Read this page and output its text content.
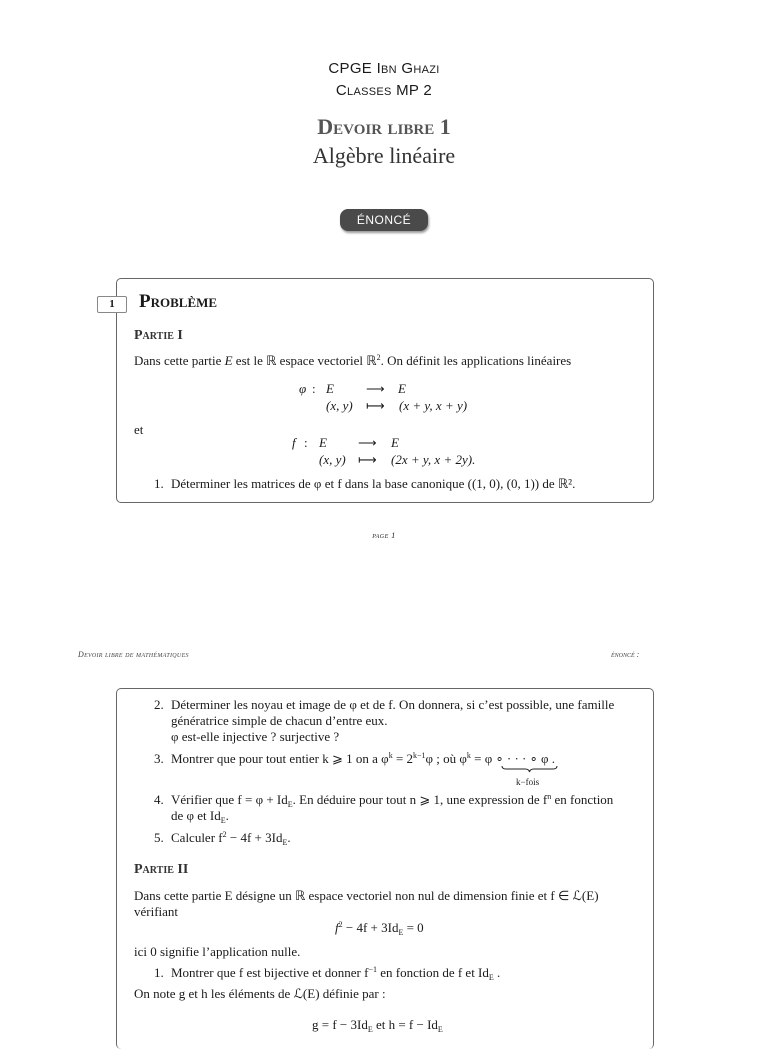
CPGE Ibn Ghazi
Classes MP 2
Devoir libre 1
Algèbre linéaire
ÉNONCÉ
1	Problème
Partie I
Dans cette partie E est le ℝ espace vectoriel ℝ$^2$. On définit les applications linéaires
φ : E ⟶ E
(x, y) ⟼ (x + y, x + y)
et
f : E ⟶ E
(x, y) ⟼ (2x + y, x + 2y).
1. Déterminer les matrices de φ et f dans la base canonique ((1, 0), (0, 1)) de ℝ².
page 1
Devoir libre de mathématiques	énoncé :
2. Déterminer les noyau et image de φ et de f. On donnera, si c’est possible, une famille
génératrice simple de chacun d’entre eux.
φ est-elle injective ? surjective ?
3. Montrer que pour tout entier k ⩾ 1 on a $\varphi^k = 2^{k-1}\varphi$ ; où $\varphi^k = \varphi$ ∘ · · · ∘ φ .
k−fois
4. Vérifier que $f = \varphi + Id_E$. En déduire pour tout n ⩾ 1, une expression de $f^n$ en fonction
de φ et $Id_E$.
5. Calculer $f^2 - 4f + 3Id_E$.
Partie II
Dans cette partie E désigne un ℝ espace vectoriel non nul de dimension finie et f ∈ ℒ(E)
vérifiant
$f^2 - 4f + 3Id_E = 0$
ici 0 signifie l’application nulle.
1. Montrer que f est bijective et donner $f^{-1}$ en fonction de f et $Id_E$ .
On note g et h les éléments de ℒ(E) définie par :
$g = f - 3Id_E$ et $h = f - Id_E$
